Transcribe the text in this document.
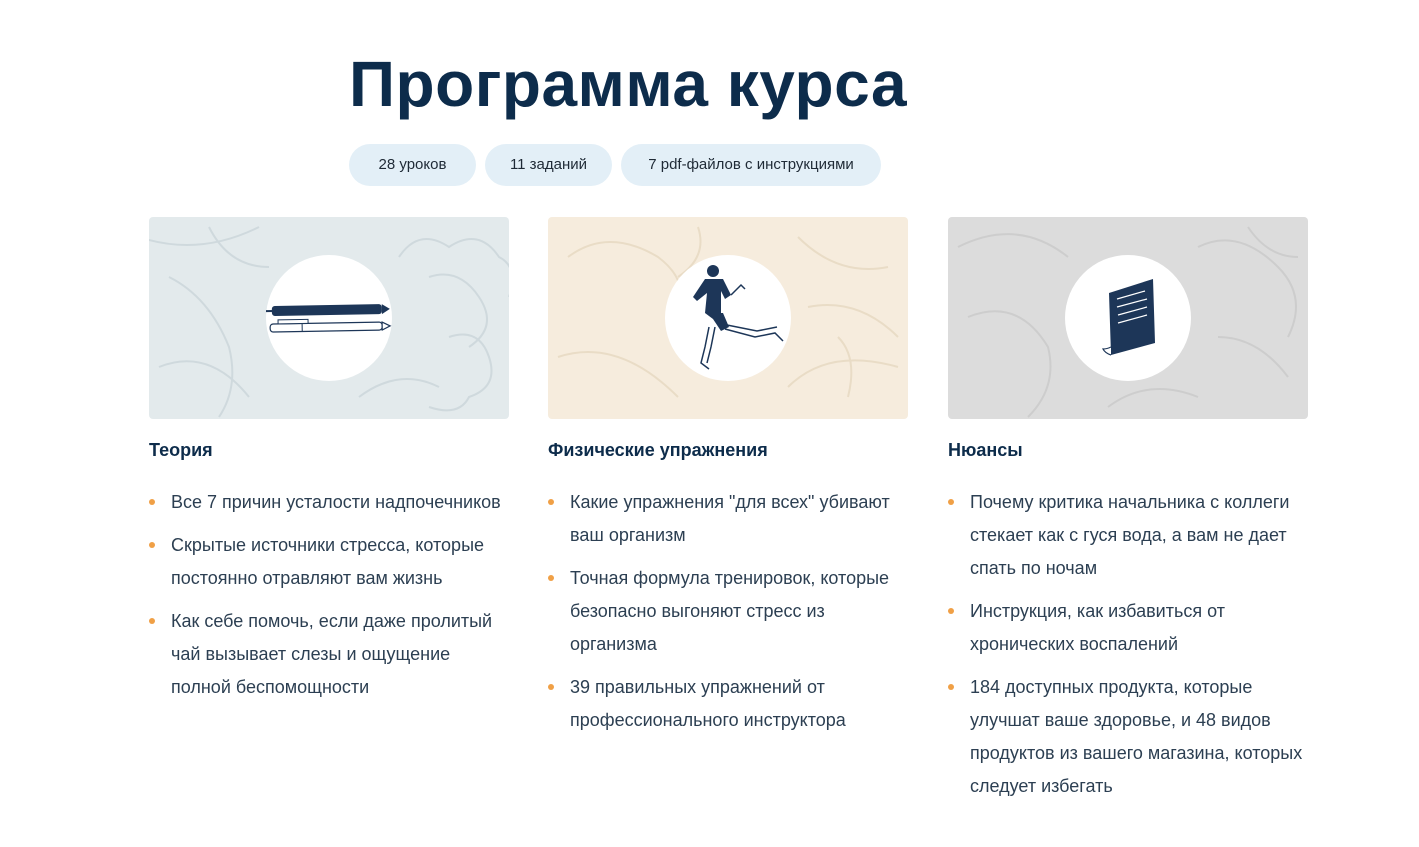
Программа курса
28 уроков	11 заданий	7 pdf-файлов с инструкциями
Теория
Все 7 причин усталости надпочечников
Скрытые источники стресса, которые постоянно отравляют вам жизнь
Как себе помочь, если даже пролитый чай вызывает слезы и ощущение полной беспомощности
Физические упражнения
Какие упражнения "для всех" убивают ваш организм
Точная формула тренировок, которые безопасно выгоняют стресс из организма
39 правильных упражнений от профессионального инструктора
Нюансы
Почему критика начальника с коллеги стекает как с гуся вода, а вам не дает спать по ночам
Инструкция, как избавиться от хронических воспалений
184 доступных продукта, которые улучшат ваше здоровье, и 48 видов продуктов из вашего магазина, которых следует избегать
